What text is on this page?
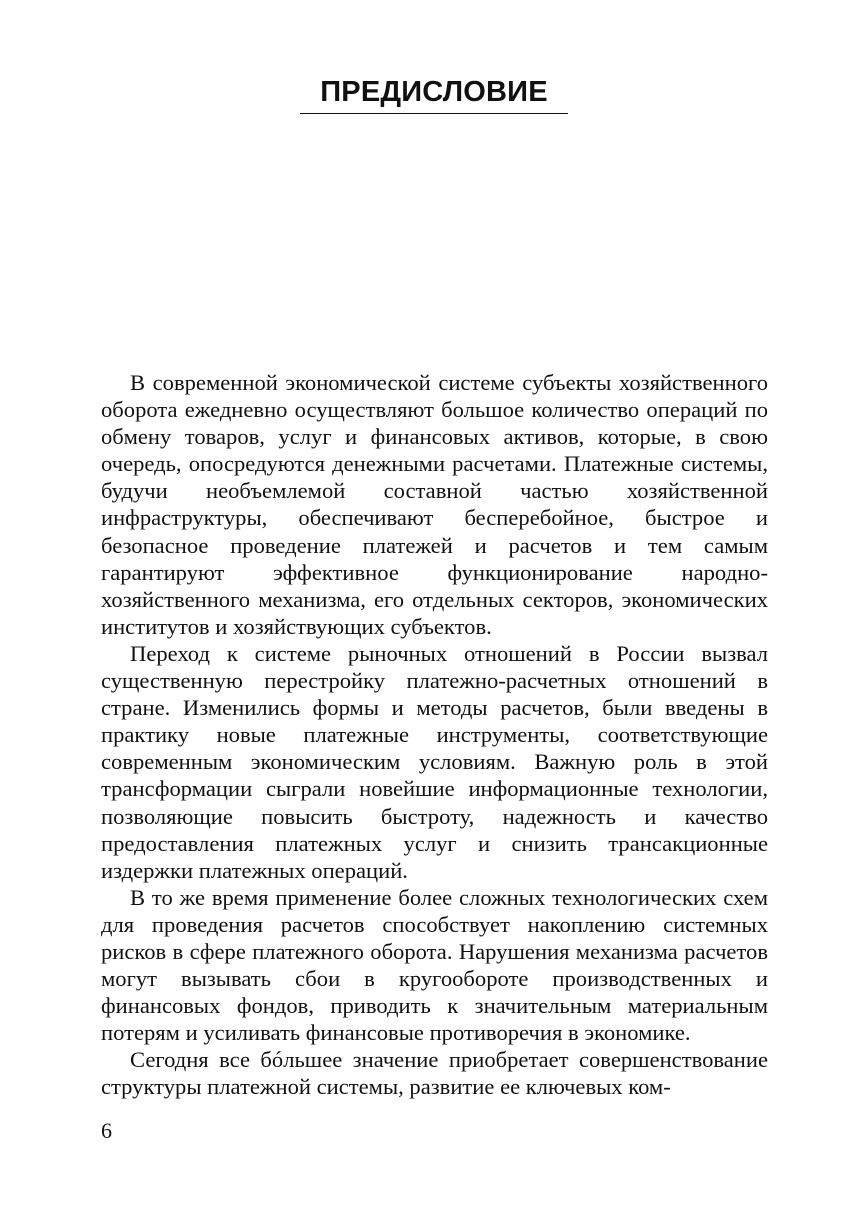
ПРЕДИСЛОВИЕ

В современной экономической системе субъекты хозяйственного оборота ежедневно осуществляют большое количество операций по обмену товаров, услуг и финансовых активов, которые, в свою очередь, опосредуются денежными расчетами. Платежные системы, будучи необъемлемой составной частью хозяйственной инфраструктуры, обеспечивают бесперебойное, быстрое и безопасное проведение платежей и расчетов и тем самым гарантируют эффективное функционирование народнохозяйственного механизма, его отдельных секторов, экономических институтов и хозяйствующих субъектов.

Переход к системе рыночных отношений в России вызвал существенную перестройку платежно-расчетных отношений в стране. Изменились формы и методы расчетов, были введены в практику новые платежные инструменты, соответствующие современным экономическим условиям. Важную роль в этой трансформации сыграли новейшие информационные технологии, позволяющие повысить быстроту, надежность и качество предоставления платежных услуг и снизить трансакционные издержки платежных операций.

В то же время применение более сложных технологических схем для проведения расчетов способствует накоплению системных рисков в сфере платежного оборота. Нарушения механизма расчетов могут вызывать сбои в кругообороте производственных и финансовых фондов, приводить к значительным материальным потерям и усиливать финансовые противоречия в экономике.

Сегодня все бóльшее значение приобретает совершенствование структуры платежной системы, развитие ее ключевых ком-

6
